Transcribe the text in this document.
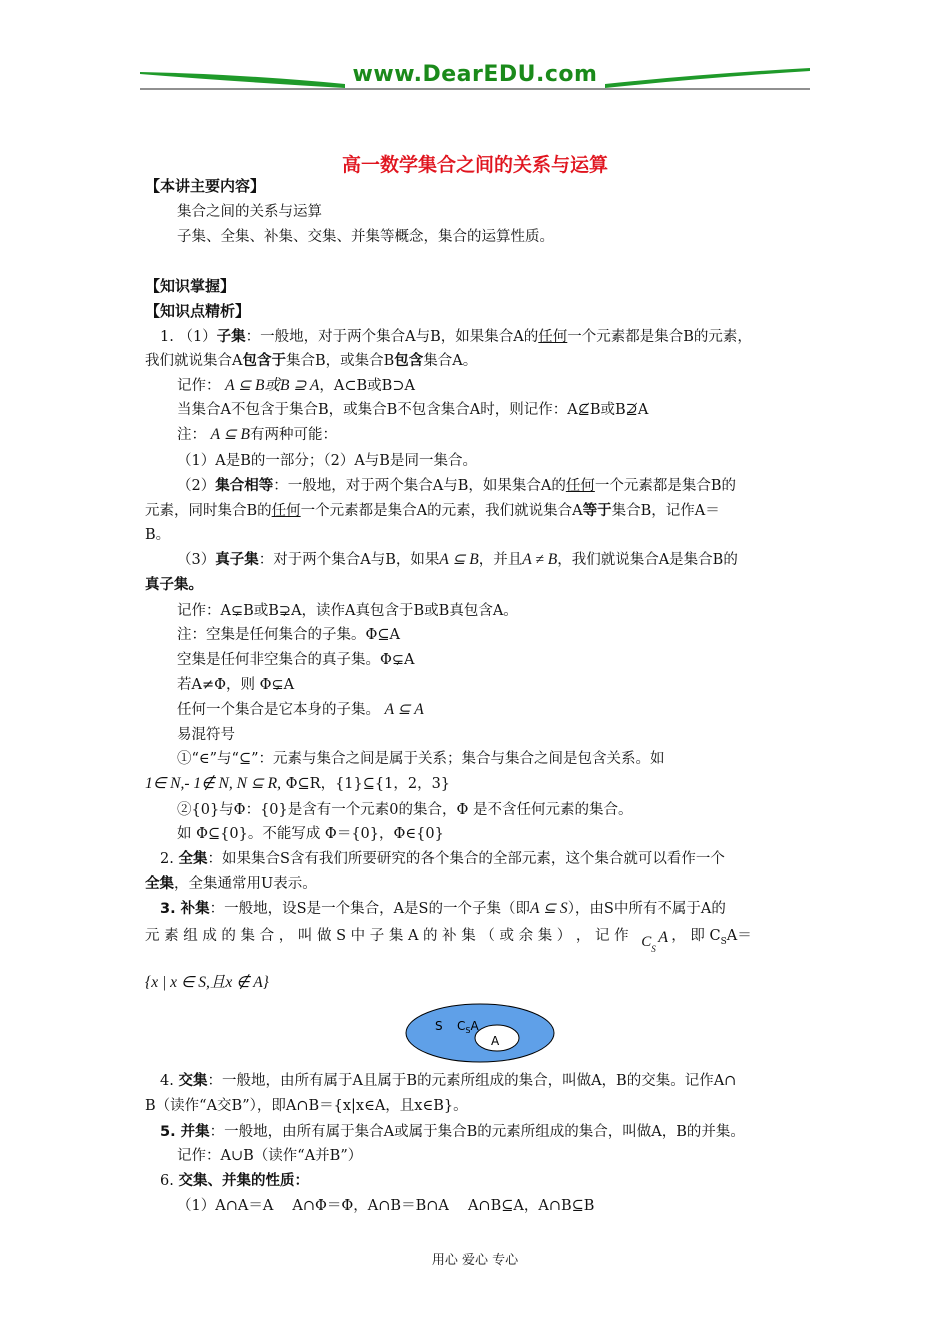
www.DearEDU.com
高一数学集合之间的关系与运算
【本讲主要内容】
集合之间的关系与运算
子集、全集、补集、交集、并集等概念，集合的运算性质。
【知识掌握】
【知识点精析】
1. （1）子集：一般地，对于两个集合A与B，如果集合A的任何一个元素都是集合B的元素，
我们就说集合A包含于集合B，或集合B包含集合A。
记作： A ⊆ B或B ⊇ A，A⊂B或B⊃A
当集合A不包含于集合B，或集合B不包含集合A时，则记作：A⊈B或B⊉A
注： A ⊆ B有两种可能：
（1）A是B的一部分；（2）A与B是同一集合。
（2）集合相等：一般地，对于两个集合A与B，如果集合A的任何一个元素都是集合B的
元素，同时集合B的任何一个元素都是集合A的元素，我们就说集合A等于集合B，记作A＝
B。
（3）真子集：对于两个集合A与B，如果A ⊆ B，并且A ≠ B，我们就说集合A是集合B的
真子集。
记作：A⊊B或B⊋A，读作A真包含于B或B真包含A。
注：空集是任何集合的子集。Φ⊆A
空集是任何非空集合的真子集。Φ⊊A
若A≠Φ，则 Φ⊊A
任何一个集合是它本身的子集。 A ⊆ A
易混符号
①“∈”与“⊆”：元素与集合之间是属于关系；集合与集合之间是包含关系。如
1∈ N,- 1∉ N, N ⊆ R, Φ⊆R，{1}⊆{1，2，3}
②{0}与Φ：{0}是含有一个元素0的集合，Φ 是不含任何元素的集合。
如 Φ⊆{0}。不能写成 Φ＝{0}，Φ∈{0}
2. 全集：如果集合S含有我们所要研究的各个集合的全部元素，这个集合就可以看作一个
全集，全集通常用U表示。
3. 补集：一般地，设S是一个集合，A是S的一个子集（即A ⊆ S），由S中所有不属于A的
元 素 组 成 的 集 合 ， 叫 做 S 中 子 集 A 的 补 集 （ 或 余 集 ） ， 记 作 C S
A ， 即 $C_SA=$
{x | x ∈ S,且x ∉ A}
S $C_SA$
A
4. 交集：一般地，由所有属于A且属于B的元素所组成的集合，叫做A，B的交集。记作A∩
B（读作“A交B”），即A∩B＝{x|x∈A，且x∈B}。
5. 并集：一般地，由所有属于集合A或属于集合B的元素所组成的集合，叫做A，B的并集。
记作：A∪B（读作“A并B”）
6. 交集、并集的性质：
（1）A∩A＝A　 A∩Φ＝Φ，A∩B＝B∩A　 A∩B⊆A，A∩B⊆B
用心 爱心 专心
